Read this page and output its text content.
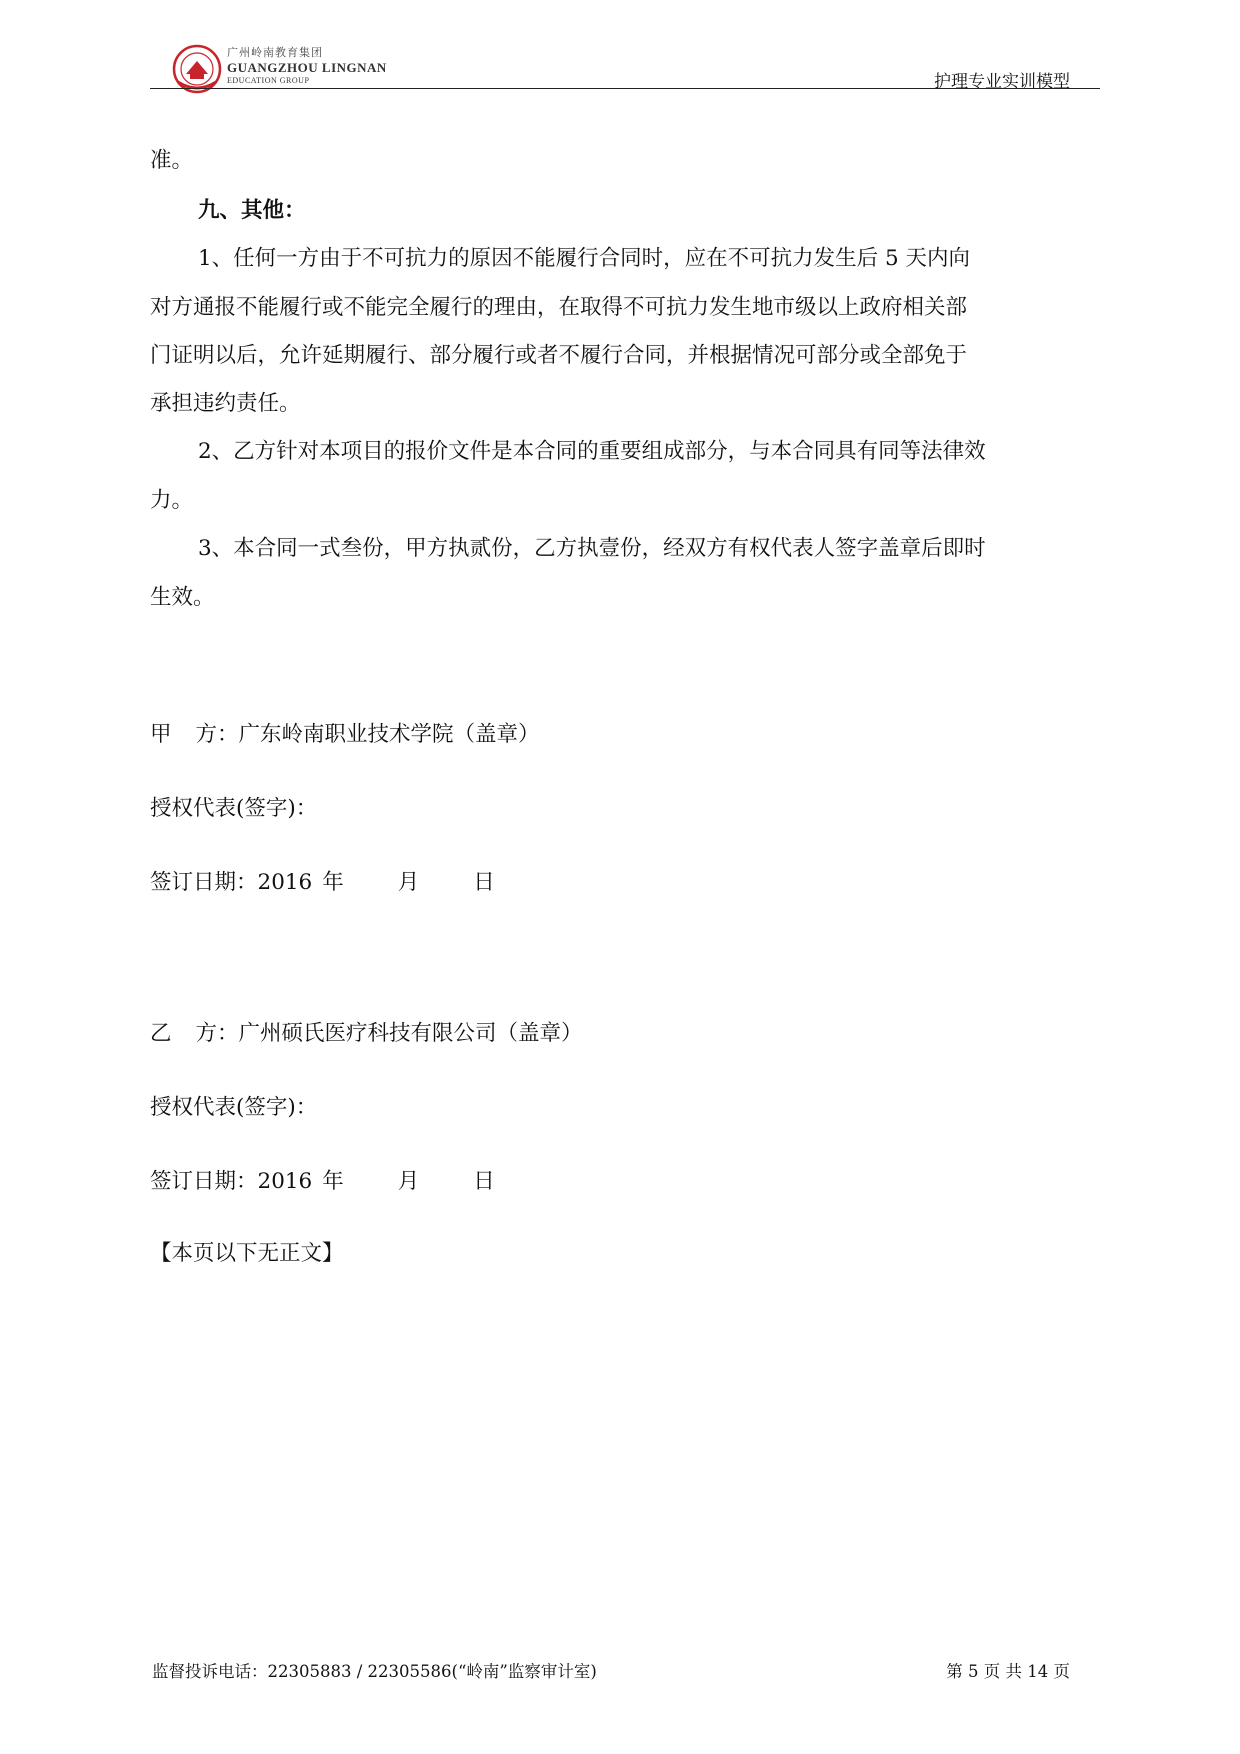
广州岭南教育集团
GUANGZHOU LINGNAN
EDUCATION GROUP	护理专业实训模型
准。
九、其他：
1、任何一方由于不可抗力的原因不能履行合同时，应在不可抗力发生后 5 天内向
对方通报不能履行或不能完全履行的理由，在取得不可抗力发生地市级以上政府相关部
门证明以后，允许延期履行、部分履行或者不履行合同，并根据情况可部分或全部免于
承担违约责任。
2、乙方针对本项目的报价文件是本合同的重要组成部分，与本合同具有同等法律效
力。
3、本合同一式叁份，甲方执贰份，乙方执壹份，经双方有权代表人签字盖章后即时
生效。
甲 方：广东岭南职业技术学院（盖章）
授权代表(签字)：
签订日期：2016 年	月	日
乙 方：广州硕氏医疗科技有限公司（盖章）
授权代表(签字)：
签订日期：2016 年	月	日
【本页以下无正文】
监督投诉电话：22305883 / 22305586(“岭南”监察审计室)	第 5 页 共 14 页
